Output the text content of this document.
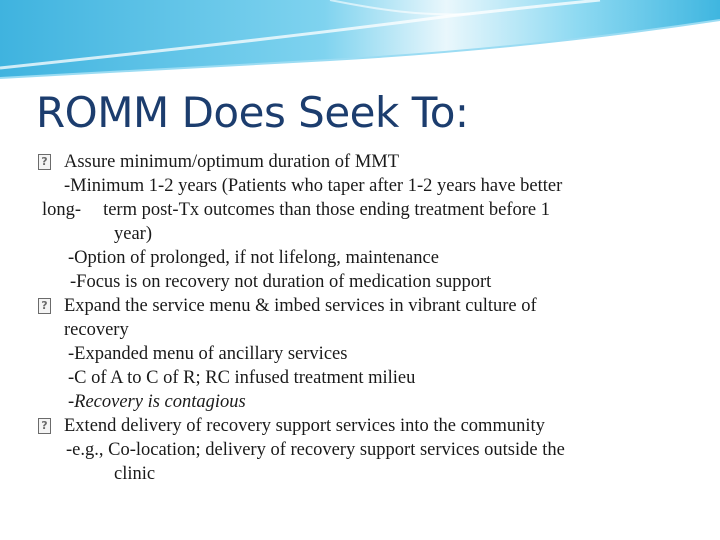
ROMM Does Seek To:
?
Assure minimum/optimum duration of MMT
-Minimum 1-2 years (Patients who taper after 1-2 years have better
long- term post-Tx outcomes than those ending treatment before 1
year)
-Option of prolonged, if not lifelong, maintenance
-Focus is on recovery not duration of medication support
?
Expand the service menu & imbed services in vibrant culture of
recovery
-Expanded menu of ancillary services
-C of A to C of R; RC infused treatment milieu
-Recovery is contagious
?
Extend delivery of recovery support services into the community
-e.g., Co-location; delivery of recovery support services outside the
clinic
